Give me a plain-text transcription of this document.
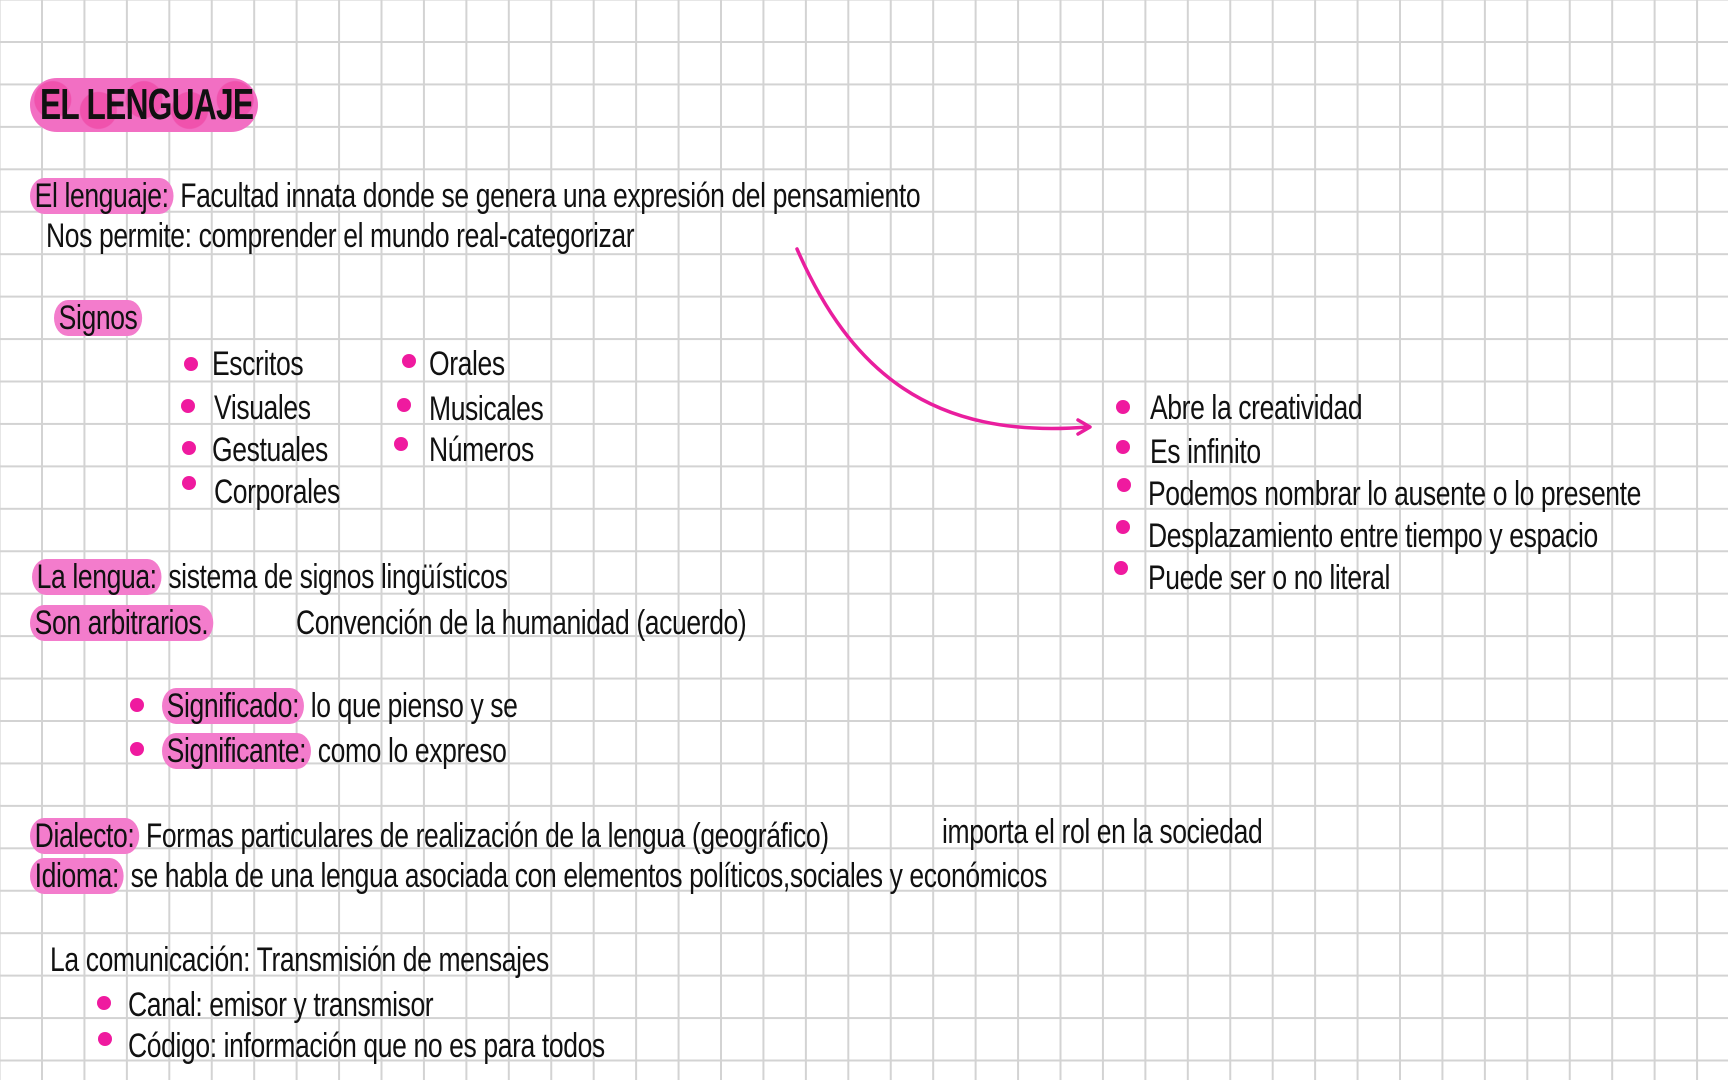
EL LENGUAJE
El lenguaje: Facultad innata donde se genera una expresión del pensamiento
Nos permite: comprender el mundo real-categorizar
Signos
Escritos
Visuales
Gestuales
Corporales
Orales
Musicales
Números
Abre la creatividad
Es infinito
Podemos nombrar lo ausente o lo presente
Desplazamiento entre tiempo y espacio
Puede ser o no literal
La lengua: sistema de signos lingüísticos
Son arbitrarios.	Convención de la humanidad (acuerdo)
Significado: lo que pienso y se
Significante: como lo expreso
Dialecto: Formas particulares de realización de la lengua (geográfico)	importa el rol en la sociedad
Idioma: se habla de una lengua asociada con elementos políticos,sociales y económicos
La comunicación: Transmisión de mensajes
Canal: emisor y transmisor
Código: información que no es para todos
